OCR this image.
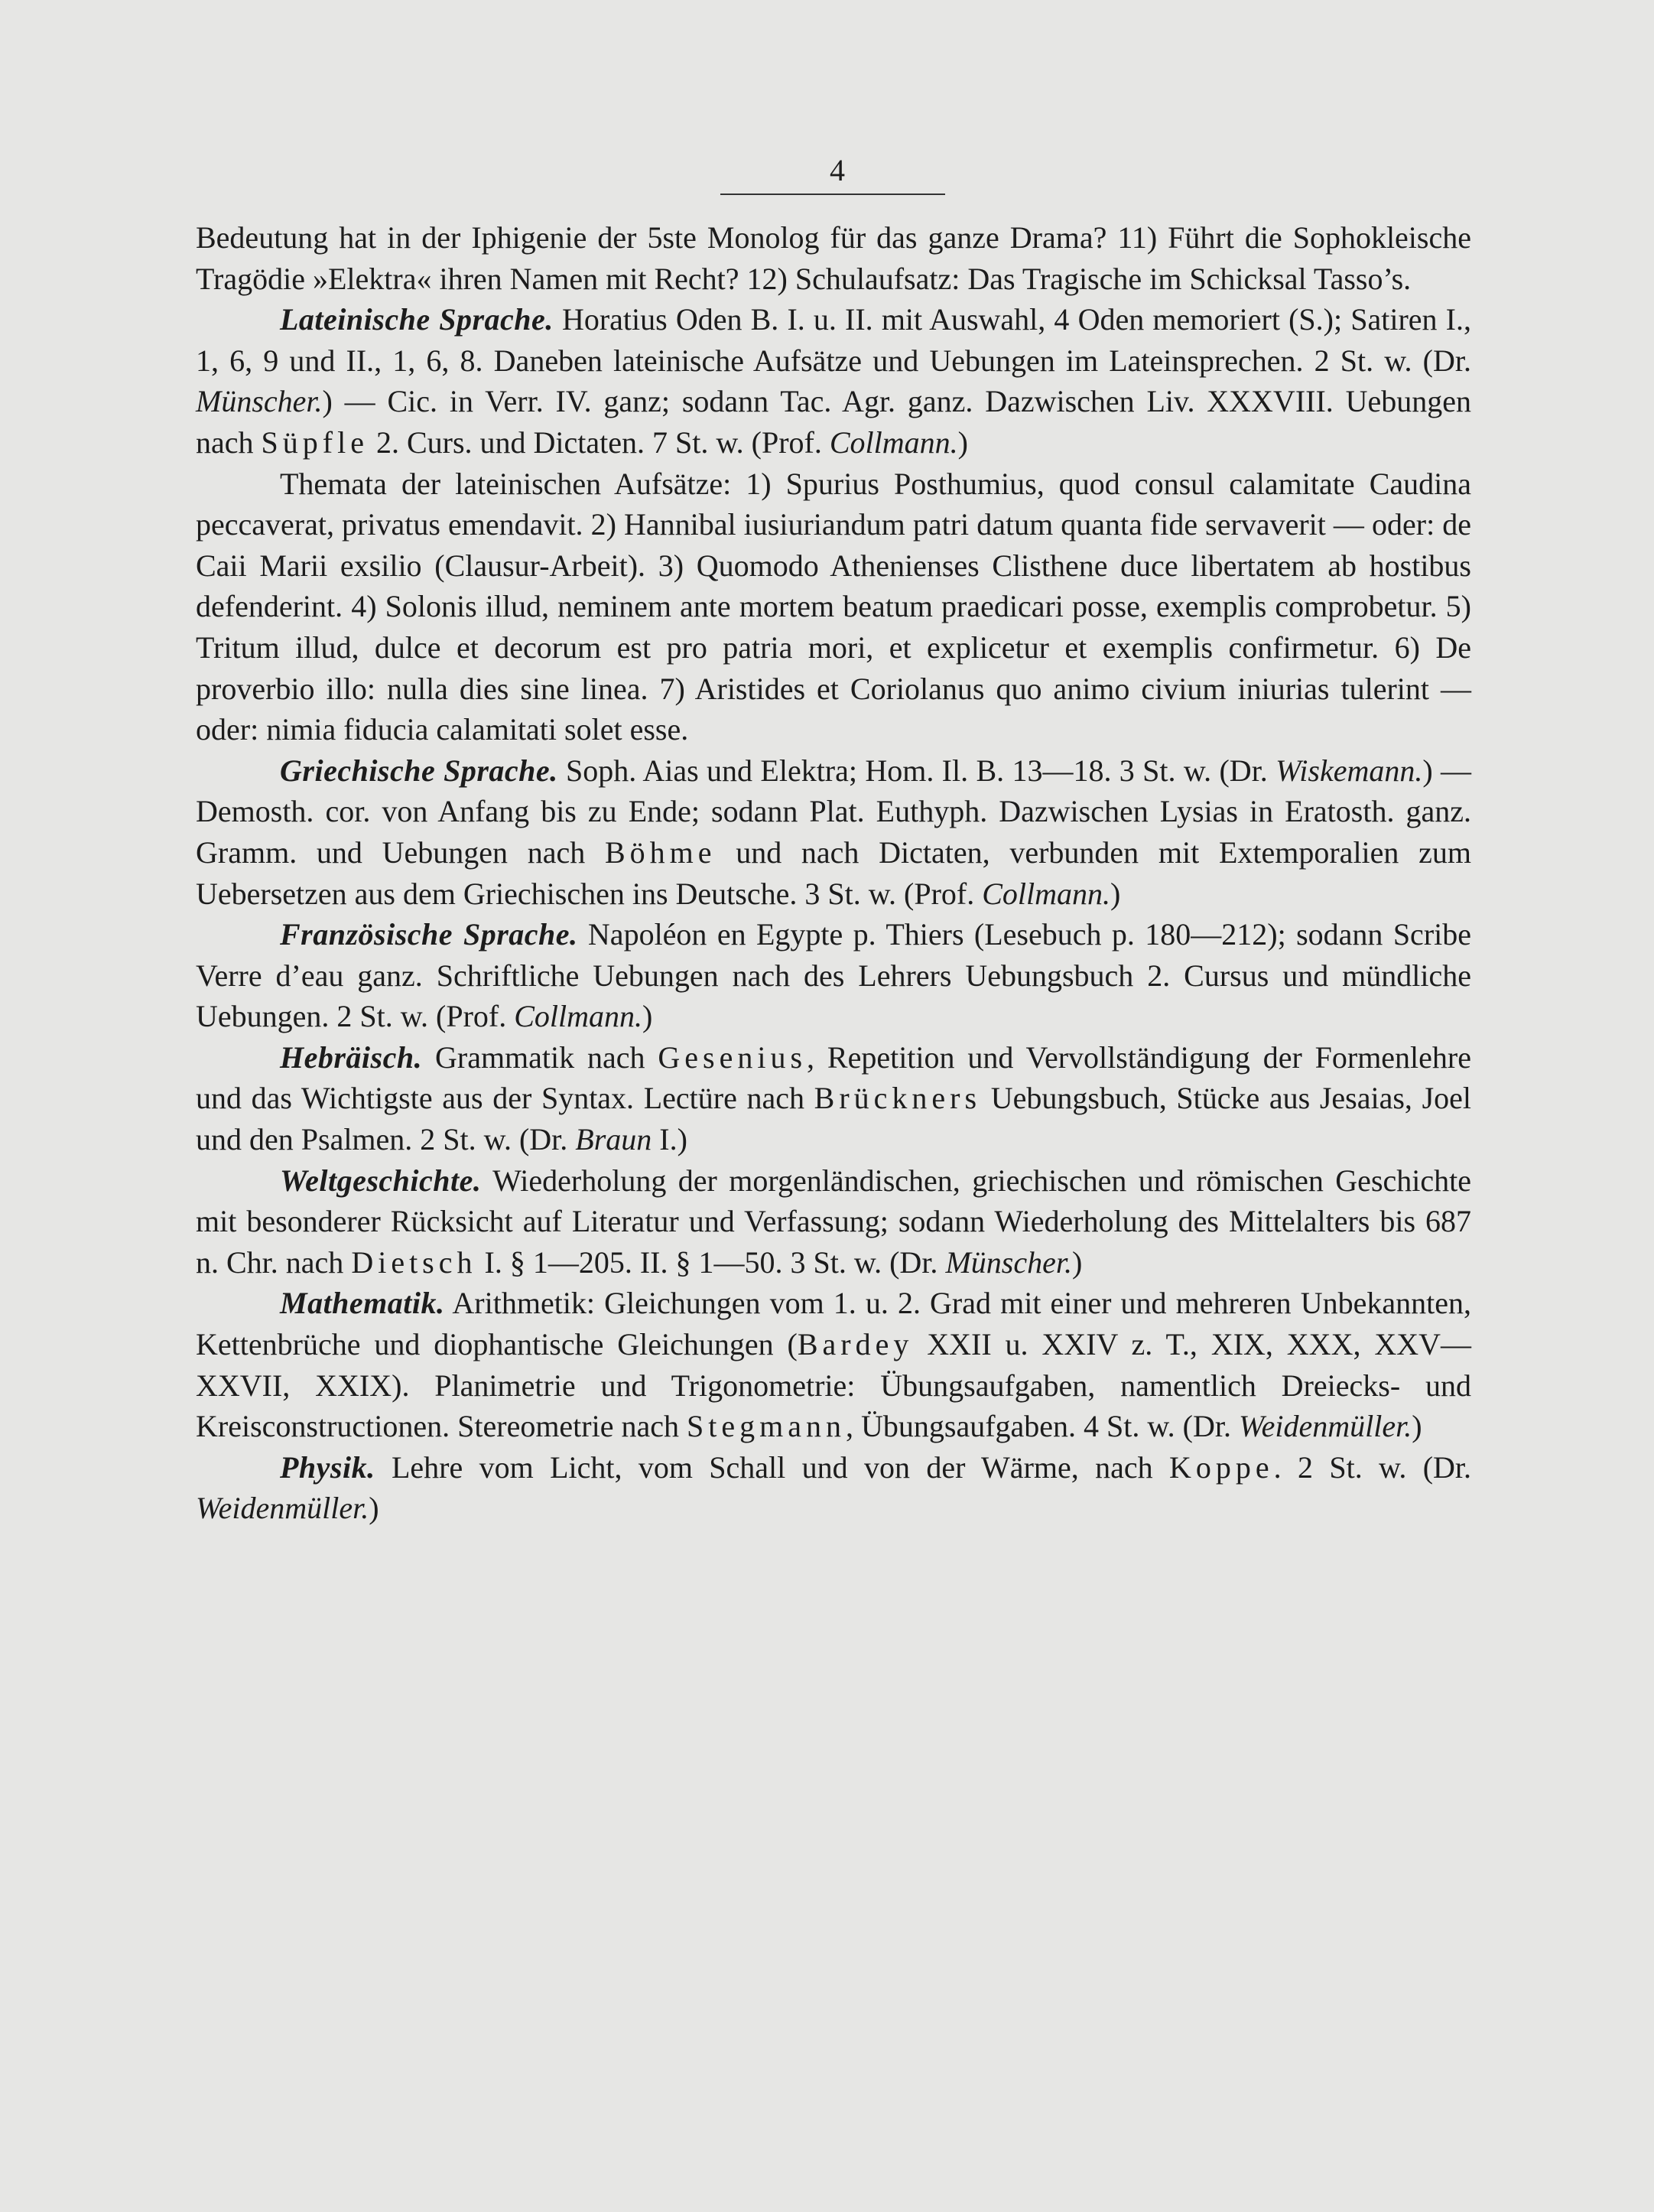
4

Bedeutung hat in der Iphigenie der 5ste Monolog für das ganze Drama? 11) Führt die Sophokleische Tragödie »Elektra« ihren Namen mit Recht? 12) Schulaufsatz: Das Tragische im Schicksal Tasso’s.

Lateinische Sprache. Horatius Oden B. I. u. II. mit Auswahl, 4 Oden memoriert (S.); Satiren I., 1, 6, 9 und II., 1, 6, 8. Daneben lateinische Aufsätze und Uebungen im Lateinsprechen. 2 St. w. (Dr. Münscher.) — Cic. in Verr. IV. ganz; sodann Tac. Agr. ganz. Dazwischen Liv. XXXVIII. Uebungen nach Süpfle 2. Curs. und Dictaten. 7 St. w. (Prof. Collmann.)

Themata der lateinischen Aufsätze: 1) Spurius Posthumius, quod consul calamitate Caudina peccaverat, privatus emendavit. 2) Hannibal iusiuriandum patri datum quanta fide servaverit — oder: de Caii Marii exsilio (Clausur-Arbeit). 3) Quomodo Athenienses Clisthene duce libertatem ab hostibus defenderint. 4) Solonis illud, neminem ante mortem beatum praedicari posse, exemplis comprobetur. 5) Tritum illud, dulce et decorum est pro patria mori, et explicetur et exemplis confirmetur. 6) De proverbio illo: nulla dies sine linea. 7) Aristides et Coriolanus quo animo civium iniurias tulerint — oder: nimia fiducia calamitati solet esse.

Griechische Sprache. Soph. Aias und Elektra; Hom. Il. B. 13—18. 3 St. w. (Dr. Wiskemann.) — Demosth. cor. von Anfang bis zu Ende; sodann Plat. Euthyph. Dazwischen Lysias in Eratosth. ganz. Gramm. und Uebungen nach Böhme und nach Dictaten, verbunden mit Extemporalien zum Uebersetzen aus dem Griechischen ins Deutsche. 3 St. w. (Prof. Collmann.)

Französische Sprache. Napoléon en Egypte p. Thiers (Lesebuch p. 180—212); sodann Scribe Verre d’eau ganz. Schriftliche Uebungen nach des Lehrers Uebungsbuch 2. Cursus und mündliche Uebungen. 2 St. w. (Prof. Collmann.)

Hebräisch. Grammatik nach Gesenius, Repetition und Vervollständigung der Formenlehre und das Wichtigste aus der Syntax. Lectüre nach Brückners Uebungsbuch, Stücke aus Jesaias, Joel und den Psalmen. 2 St. w. (Dr. Braun I.)

Weltgeschichte. Wiederholung der morgenländischen, griechischen und römischen Geschichte mit besonderer Rücksicht auf Literatur und Verfassung; sodann Wiederholung des Mittelalters bis 687 n. Chr. nach Dietsch I. § 1—205. II. § 1—50. 3 St. w. (Dr. Münscher.)

Mathematik. Arithmetik: Gleichungen vom 1. u. 2. Grad mit einer und mehreren Unbekannten, Kettenbrüche und diophantische Gleichungen (Bardey XXII u. XXIV z. T., XIX, XXX, XXV—XXVII, XXIX). Planimetrie und Trigonometrie: Übungsaufgaben, namentlich Dreiecks- und Kreisconstructionen. Stereometrie nach Stegmann, Übungsaufgaben. 4 St. w. (Dr. Weidenmüller.)

Physik. Lehre vom Licht, vom Schall und von der Wärme, nach Koppe. 2 St. w. (Dr. Weidenmüller.)
